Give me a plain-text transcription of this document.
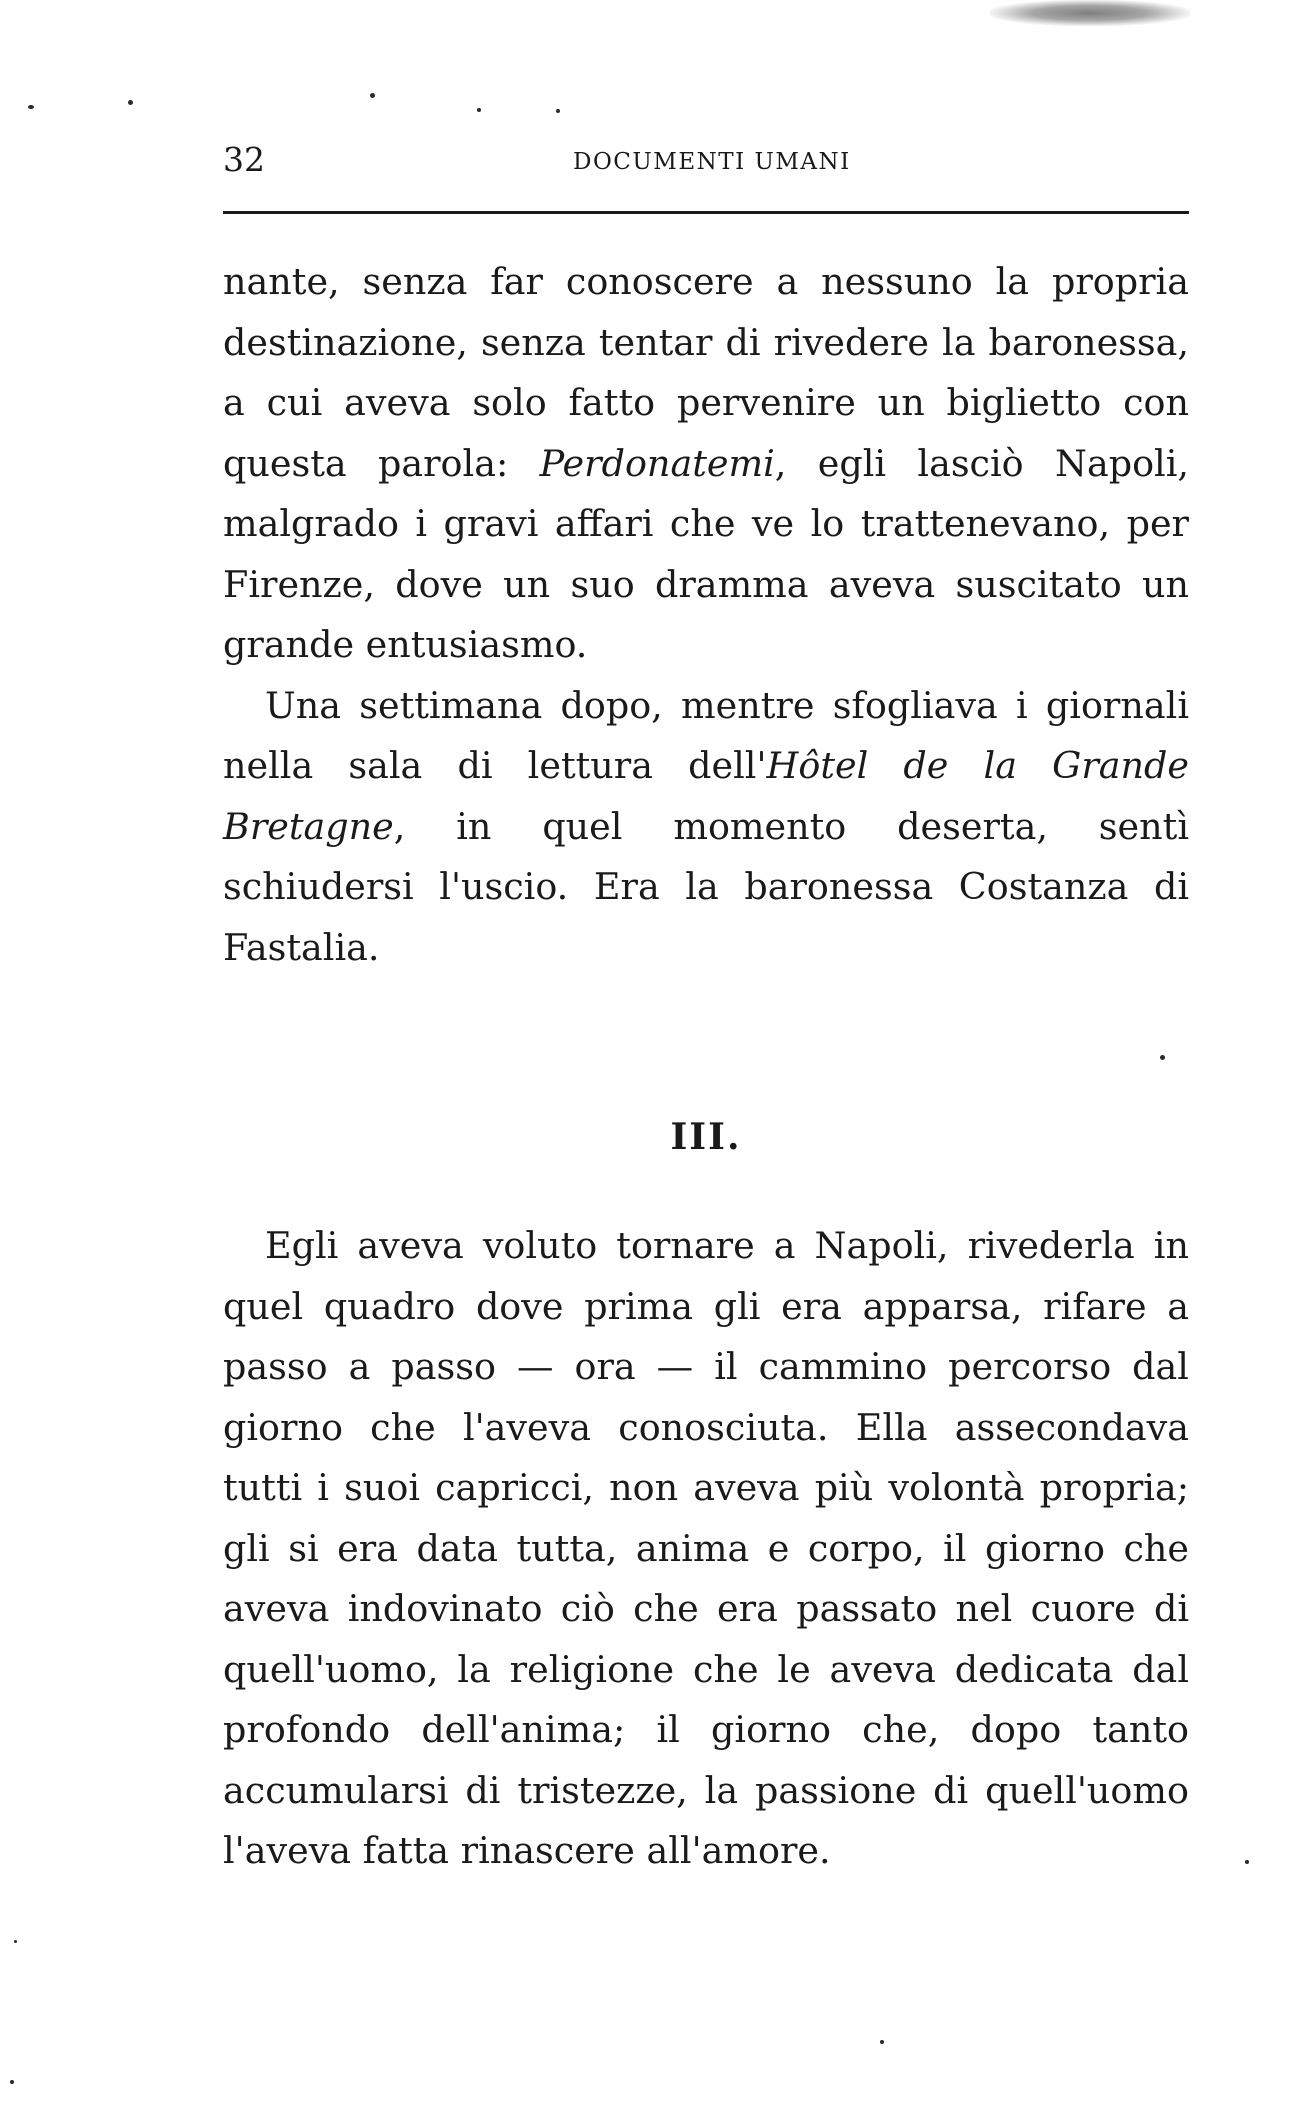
32	DOCUMENTI UMANI

nante, senza far conoscere a nessuno la propria destinazione, senza tentar di rivedere la baronessa, a cui aveva solo fatto pervenire un biglietto con questa parola: Perdonatemi, egli lasciò Napoli, malgrado i gravi affari che ve lo trattenevano, per Firenze, dove un suo dramma aveva suscitato un grande entusiasmo.

Una settimana dopo, mentre sfogliava i giornali nella sala di lettura dell'Hôtel de la Grande Bretagne, in quel momento deserta, sentì schiudersi l'uscio. Era la baronessa Costanza di Fastalia.

III.

Egli aveva voluto tornare a Napoli, rivederla in quel quadro dove prima gli era apparsa, rifare a passo a passo — ora — il cammino percorso dal giorno che l'aveva conosciuta. Ella assecondava tutti i suoi capricci, non aveva più volontà propria; gli si era data tutta, anima e corpo, il giorno che aveva indovinato ciò che era passato nel cuore di quell'uomo, la religione che le aveva dedicata dal profondo dell'anima; il giorno che, dopo tanto accumularsi di tristezze, la passione di quell'uomo l'aveva fatta rinascere all'amore.
